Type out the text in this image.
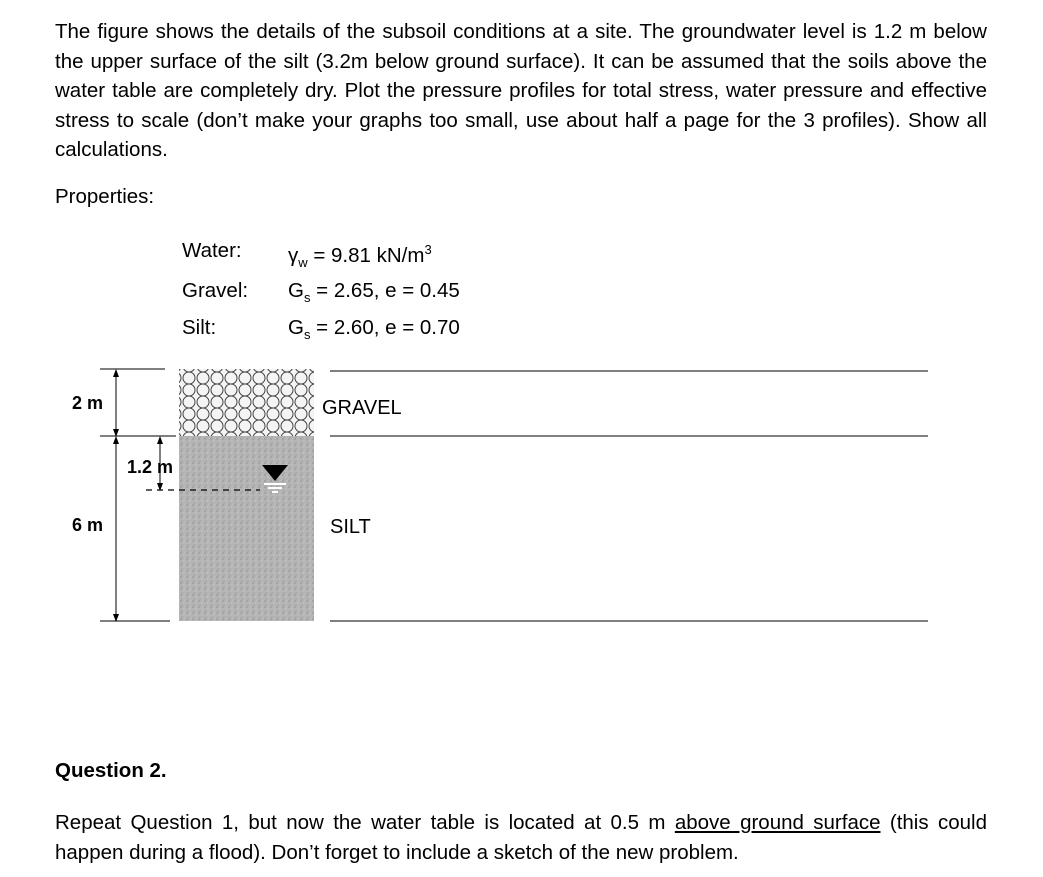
The figure shows the details of the subsoil conditions at a site. The groundwater level is 1.2 m below the upper surface of the silt (3.2m below ground surface). It can be assumed that the soils above the water table are completely dry. Plot the pressure profiles for total stress, water pressure and effective stress to scale (don’t make your graphs too small, use about half a page for the 3 profiles). Show all calculations.

Properties:

Water: $\gamma_w = 9.81$ $kN/m^3$
Gravel: $G_s = 2.65$, e = 0.45
Silt:	$G_s = 2.60$, e = 0.70
2 m
6 m
1.2 m
GRAVEL
SILT

Question 2.

Repeat Question 1, but now the water table is located at 0.5 m above ground surface (this could happen during a flood). Don’t forget to include a sketch of the new problem.
